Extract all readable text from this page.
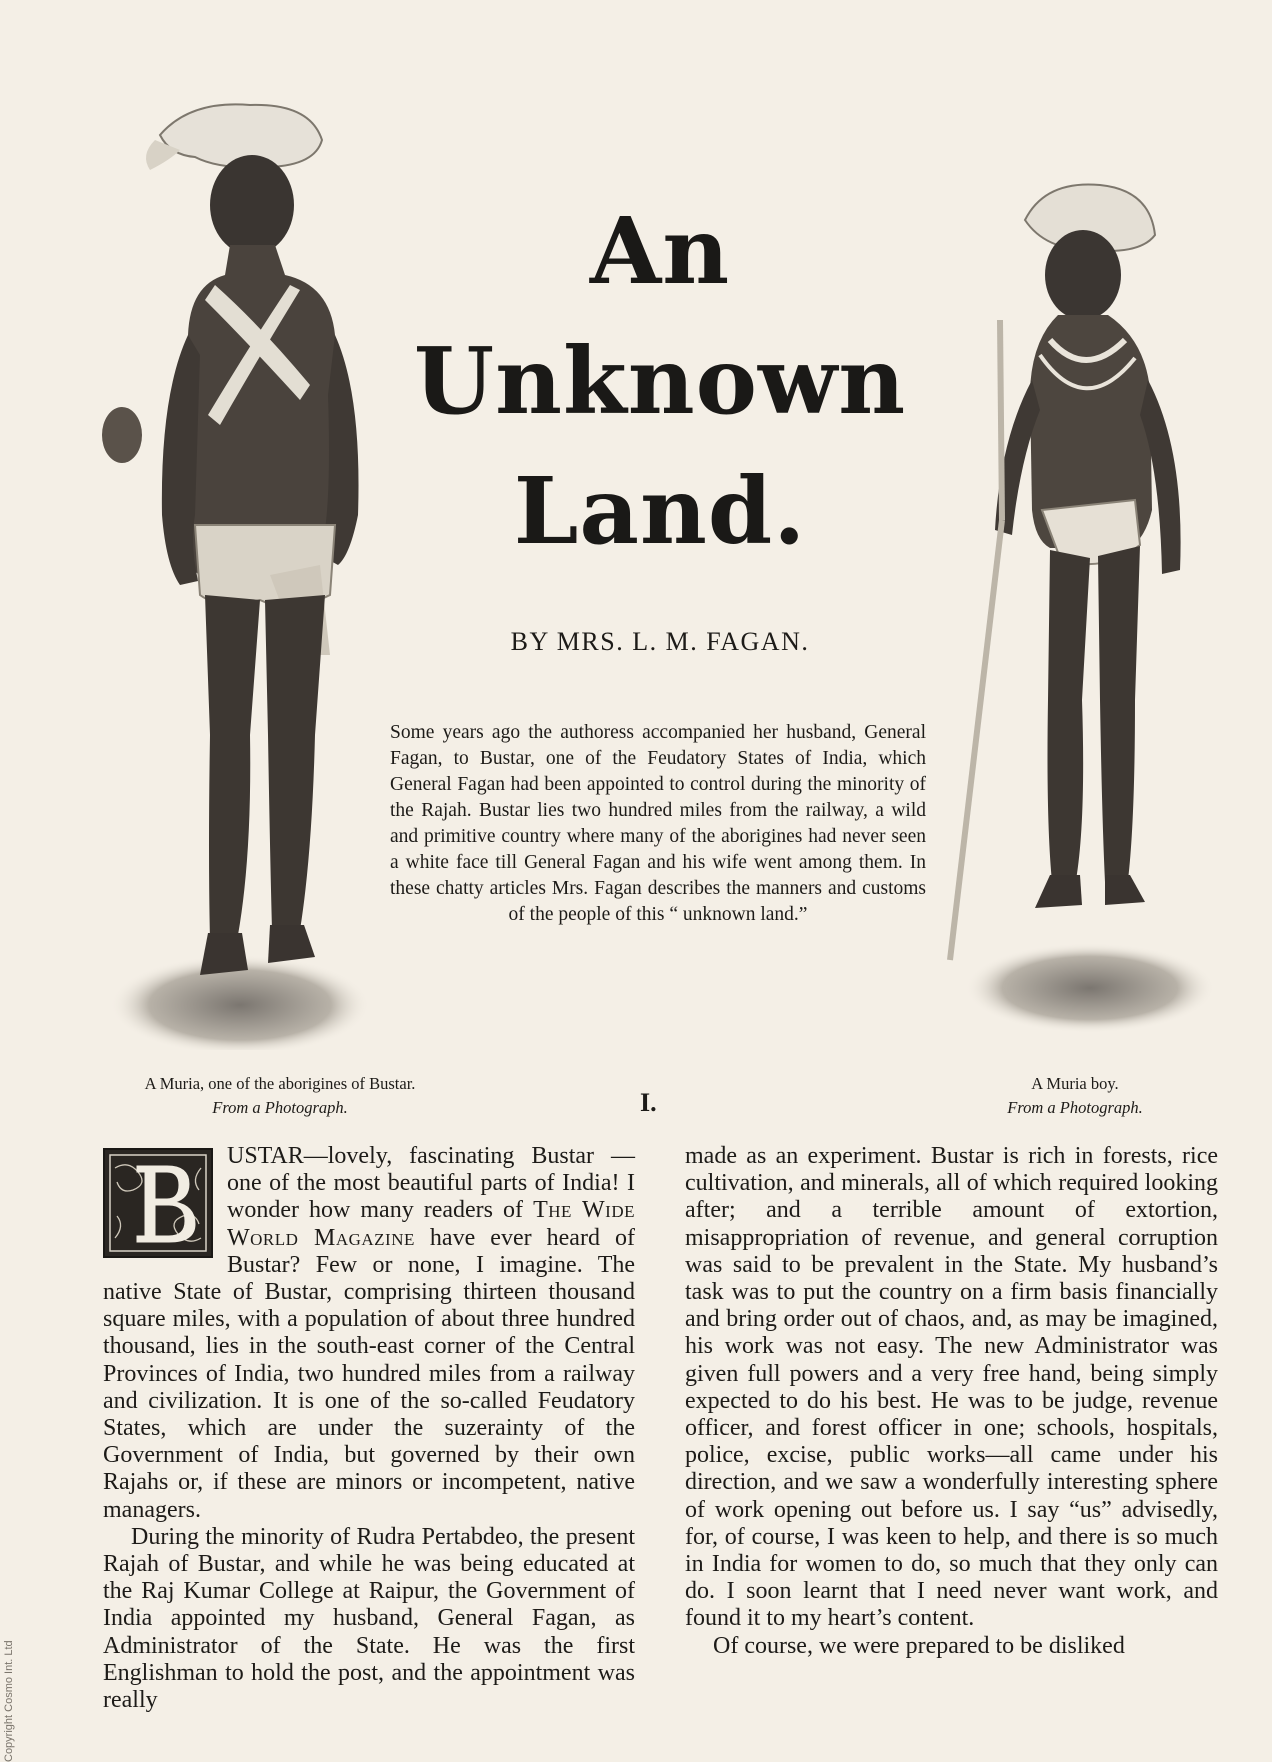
An
Unknown
Land.
BY MRS. L. M. FAGAN.
Some years ago the authoress accompanied her husband, General Fagan, to Bustar, one of the Feudatory States of India, which General Fagan had been appointed to control during the minority of the Rajah. Bustar lies two hundred miles from the railway, a wild and primitive country where many of the aborigines had never seen a white face till General Fagan and his wife went among them. In these chatty articles Mrs. Fagan describes the manners and customs of the people of this “ unknown land.”
A Muria, one of the aborigines of Bustar.
From a Photograph.
A Muria boy.
From a Photograph.
I.

USTAR—lovely, fascinating Bustar —one of the most beautiful parts of India! I wonder how many readers of The Wide World Magazine have ever heard of Bustar? Few or none, I imagine. The native State of Bustar, comprising thirteen thousand square miles, with a population of about three hundred thousand, lies in the south-east corner of the Central Provinces of India, two hundred miles from a railway and civilization. It is one of the so-called Feudatory States, which are under the suzerainty of the Government of India, but governed by their own Rajahs or, if these are minors or incompetent, native managers.

During the minority of Rudra Pertabdeo, the present Rajah of Bustar, and while he was being educated at the Raj Kumar College at Raipur, the Government of India appointed my husband, General Fagan, as Administrator of the State. He was the first Englishman to hold the post, and the appointment was really

made as an experiment. Bustar is rich in forests, rice cultivation, and minerals, all of which required looking after; and a terrible amount of extortion, misappropriation of revenue, and general corruption was said to be prevalent in the State. My husband’s task was to put the country on a firm basis financially and bring order out of chaos, and, as may be imagined, his work was not easy. The new Administrator was given full powers and a very free hand, being simply expected to do his best. He was to be judge, revenue officer, and forest officer in one; schools, hospitals, police, excise, public works—all came under his direction, and we saw a wonderfully interesting sphere of work opening out before us. I say “us” advisedly, for, of course, I was keen to help, and there is so much in India for women to do, so much that they only can do. I soon learnt that I need never want work, and found it to my heart’s content.

Of course, we were prepared to be disliked

Copyright Cosmo Int. Ltd
